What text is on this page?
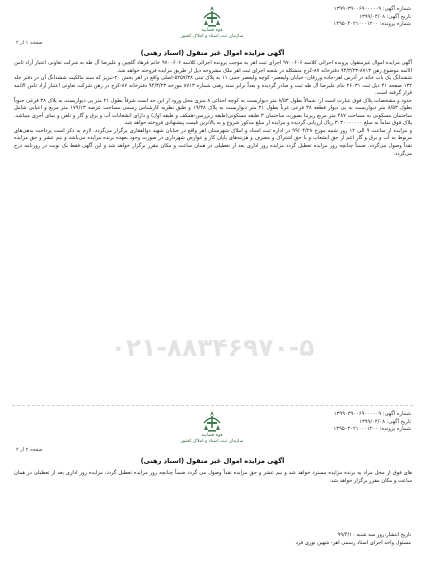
شماره آگهی: ۱۳۹۹۰۳۹۰۰۶۹۰۰۰۰۰۹
تاریخ آگهی: ۱۳۹۹/۰۴/۰۸
شماره پرونده: ۱۳۹۵۰۴۰۲۱۰۰۰۱۲۰۰
قوه قضاییه
سازمان ثبت اسناد و املاک کشور
صفحه ۱ از ۲
آگهی مزایده اموال غیر منقول (اسناد رهنی)

آگهی مزایده اموال غیرمنقول پرونده اجرائی کلاسه ۹۷۰۰۶۰۶ اجرای ثبت اهر به موجب پرونده اجرائی کلاسه ۹۷۰۰۶۰۶ خانم فرهاد گلچین و علیرضا آل طه به شرکت تعاونی اعتبار آزاد ثامن الائمه موضوع رهن ۸۷۱۳-۹۴/۳/۲۳ دفترخانه ۸۷-کرج متشکله در شعبه اجرای ثبت اهر ملک مشروحه ذیل از طریق مزایده فروخته خواهد شد.

ششدانگ یک باب خانه در آدرس اهر-جاده ورزقان- خیابان ولیعصر- کوچه ولیعصر جنبی ۱۱ به پلاک ثبتی ۵۲۵۷/۳۸-اصلی واقع در اهر بخش ۲۰-تبریز که سند مالکیت ششدانگ آن در دفتر جلد ۱۳۲ صفحه ۳۱ ذیل ثبت ۲۶۰۳۱ بنام علیرضا آل طه ثبت و صادر گردیده و بعداً برابر سند رهنی شماره ۸۷۱۳ مورخه ۹۴/۳/۲۳ دفترخانه ۸۷-کرج در رهن شرکت تعاونی اعتبار آزاد ثامن الائمه قرار گرفته است.

حدود و مشخصات پلاک فوق عبارت است از: شمالاً بطول ۸/۵۳ متر دیواریست به کوچه احداثی ۸ متری محل ورود از این حد است شرقاً بطول ۲۱ متر پی دیواریست به پلاک ۳۸ فرعی جنوباً بطول ۸/۵۳ متر دیواریست به پی دیوار قطعه ۳۸ فرعی غرباً بطول ۲۱ متر دیواریست به پلاک ۱۹/۳۸ و طبق نظریه کارشناس رسمی مساحت عرصه ۱۷۹/۱۳ متر مربع و اعیانی شامل ساختمان مسکونی به مساحت ۴۸۷ متر مربع زیربنا بصورت ساختمان ۳ طبقه مسکونی(طبقه زیرزمین-همکف و طبقه اول) و دارای انشعابات آب و برق و گاز و تلفن و نمای آجری میباشد. پلاک فوق تماماً به مبلغ ۳۰۳۰۰۰۰۰۰۰ ریال ارزیابی گردیده و مزایده از مبلغ مذکور شروع و به بالاترین قیمت پیشنهادی فروخته خواهد شد.

و مزایده از ساعت ۹ الی ۱۲ روز شنبه مورخ ۹۹/۰۴/۲۸ در اداره ثبت اسناد و املاک شهرستان اهر واقع در خیابان شهید ذوالفقاری برگزار می‌گردد. لازم به ذکر است پرداخت بدهی‌های مربوط به آب و برق و گاز اعم از حق انشعاب و یا حق اشتراک و مصرف و هزینه‌های پایان کار و عوارض شهرداری در صورت وجود بعهده برنده مزایده می‌باشد و نیم عشر و حق مزایده نقداً وصول می‌گردد. ضمناً چنانچه روز مزایده تعطیل گردد مزایده روز اداری بعد از تعطیلی در همان ساعت و مکان مقرر برگزار خواهد شد و این آگهی فقط یک نوبت در روزنامه درج می‌گردد.

۰۲۱-۸۸۳۴۶۹۷۰-۵
شماره آگهی: ۱۳۹۹۰۳۹۰۰۶۹۰۰۰۰۰۹
تاریخ آگهی: ۱۳۹۹/۰۴/۰۸
شماره پرونده: ۱۳۹۵۰۴۰۲۱۰۰۰۱۲۰۰
قوه قضاییه
سازمان ثبت اسناد و املاک کشور
صفحه ۲ از ۲
آگهی مزایده اموال غیر منقول (اسناد رهنی)

های فوق از محل مزاد به برنده مزایده مسترد خواهد شد و نیم عشر و حق مزایده نقداً وصول می گردد ضمناً چنانچه روز مزایده تعطیل گردد، مزایده روز اداری بعد از تعطیلی در همان ساعت و مکان مقرر برگزار خواهد شد.

تاریخ انتشار:روز سه شنبه ۹۹/۴/۱۰
مسئول واحد اجرای اسناد رسمی اهر- شهین نوری فرد
